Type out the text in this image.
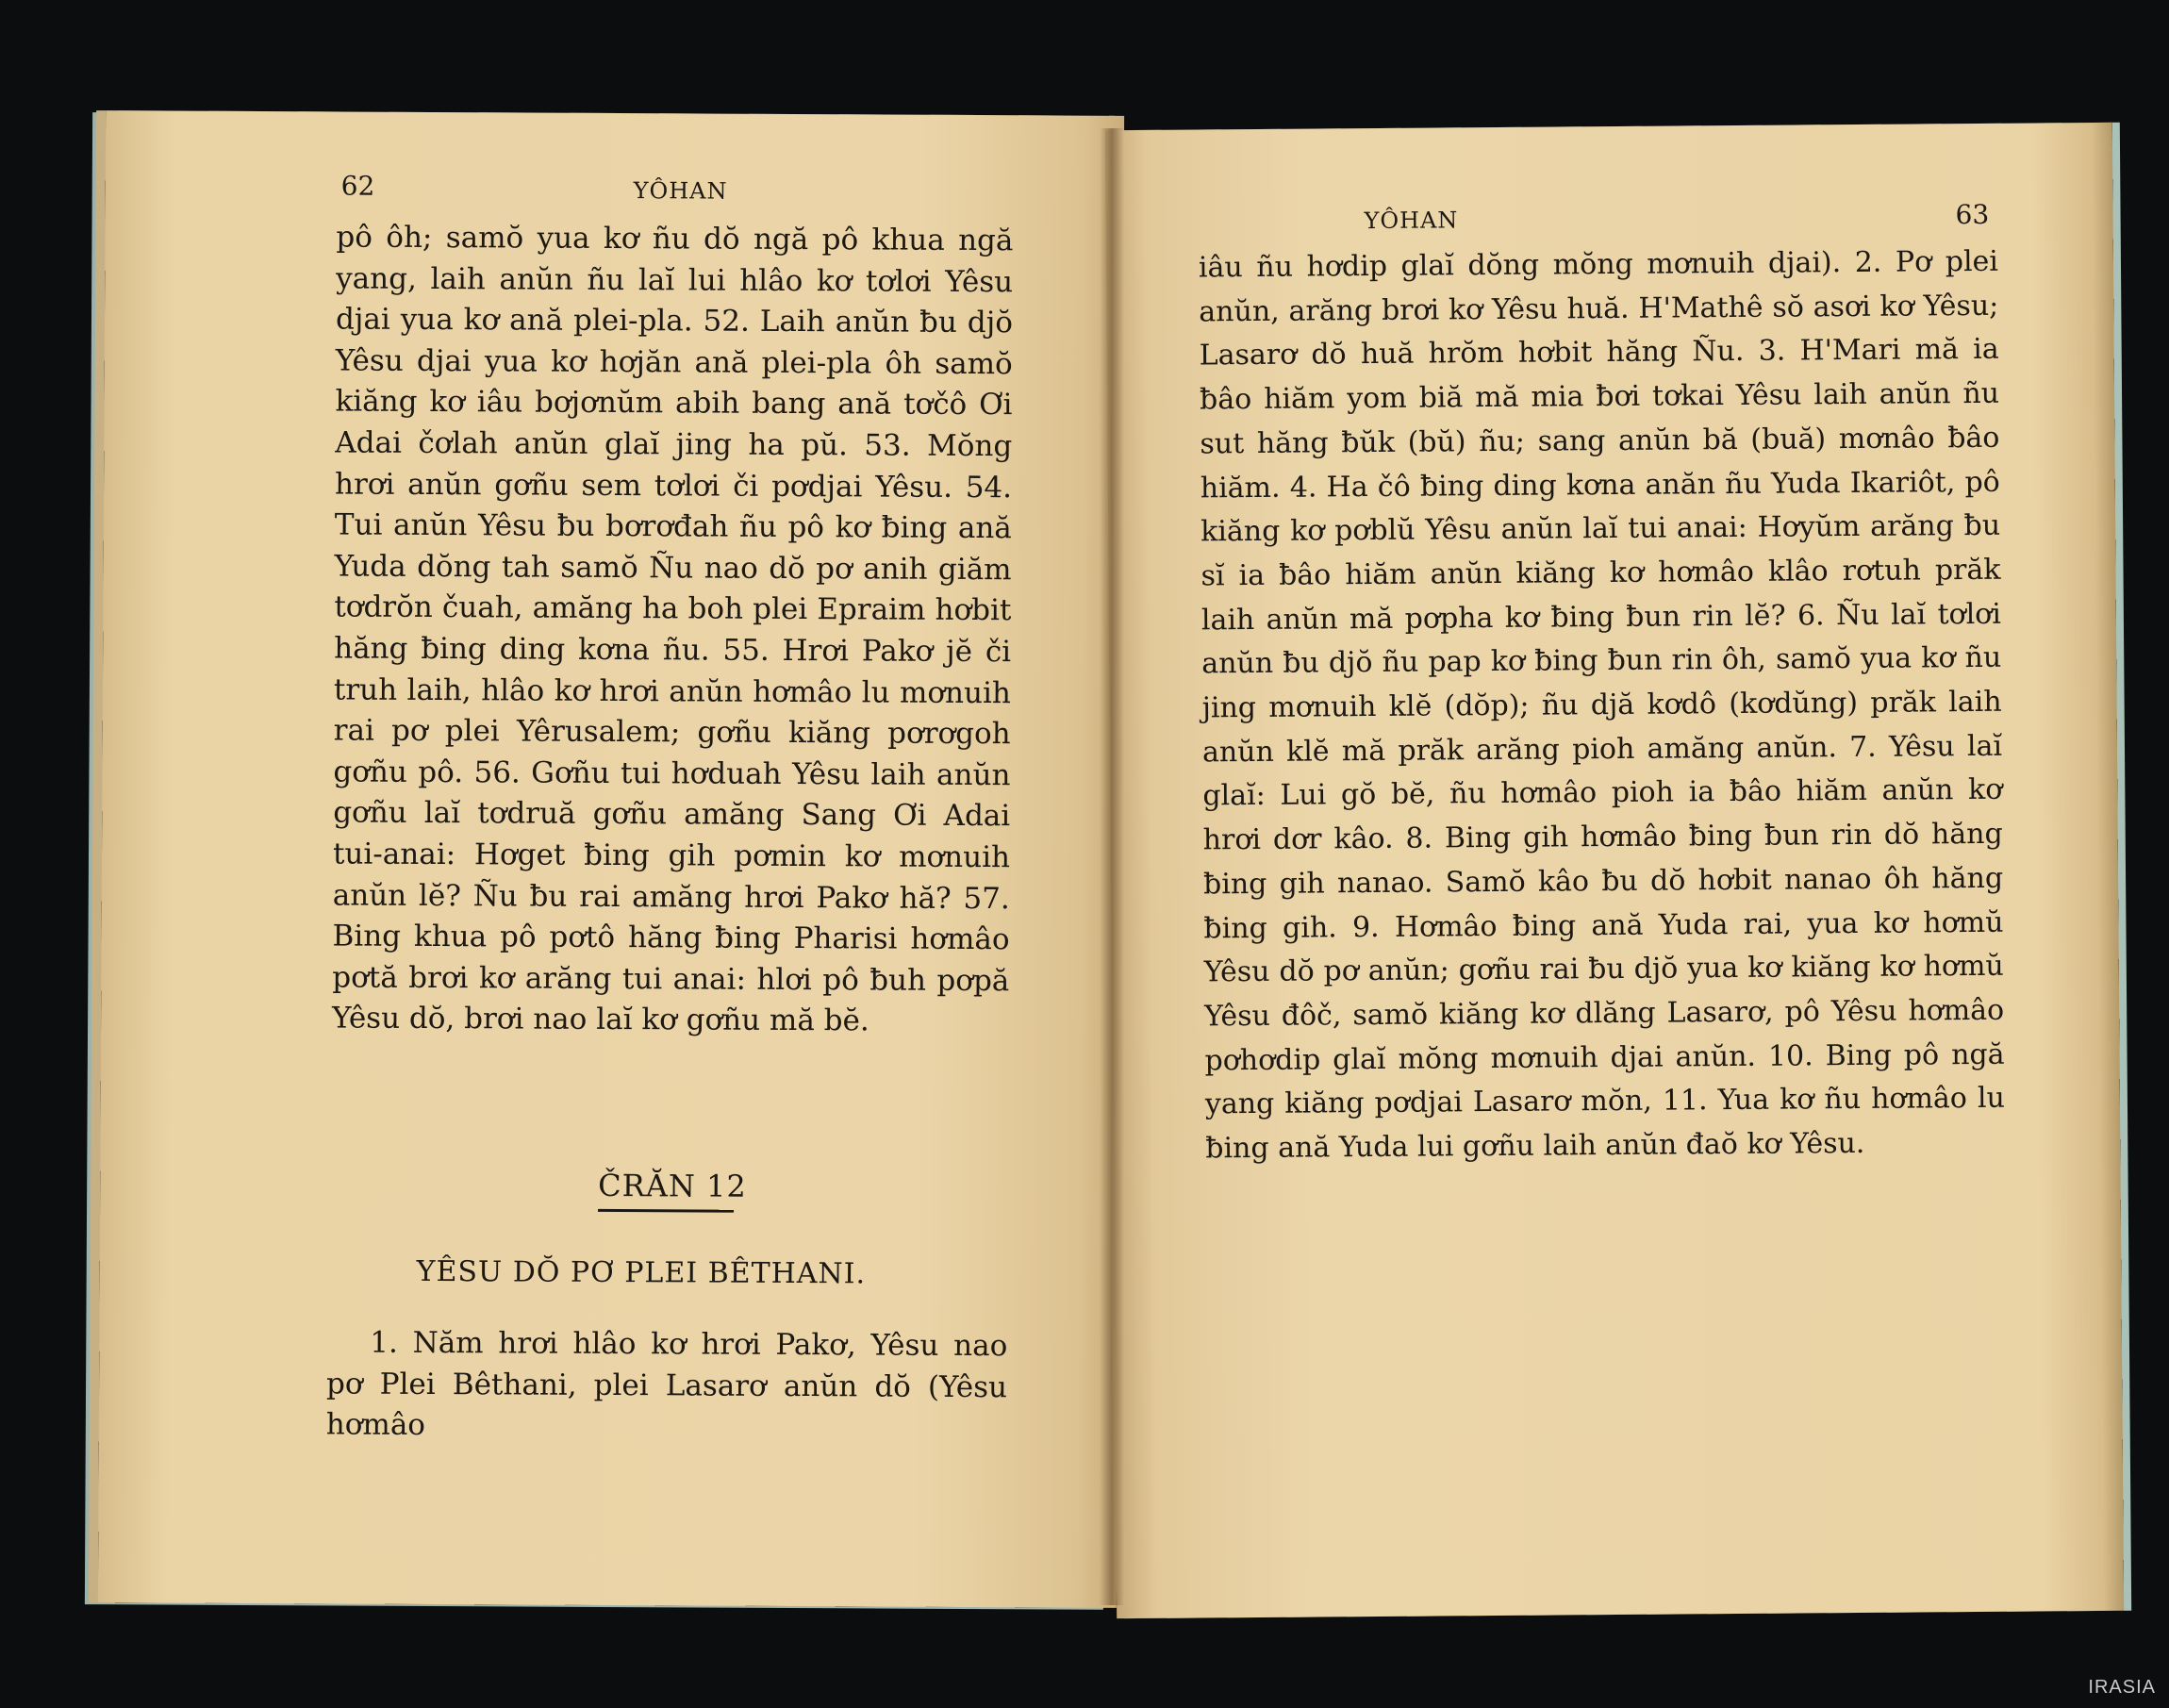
62	YÔHAN

pô ôh; samŏ yua kơ ñu dŏ ngă pô khua ngă yang, laih anŭn ñu laĭ lui hlâo kơ tơlơi Yêsu djai yua kơ ană plei-pla. 52. Laih anŭn ƀu djŏ Yêsu djai yua kơ hơjăn ană plei-pla ôh samŏ kiăng kơ iâu bơjơnŭm abih bang ană tơčô Ơi Adai čơlah anŭn glaĭ jing ha pŭ. 53. Mŏng hrơi anŭn gơñu sem tơlơi či pơdjai Yêsu. 54. Tui anŭn Yêsu ƀu bơrơđah ñu pô kơ ƀing ană Yuda dŏng tah samŏ Ñu nao dŏ pơ anih giăm tơdrŏn čuah, amăng ha boh plei Epraim hơbit hăng ƀing ding kơna ñu. 55. Hrơi Pakơ jĕ či truh laih, hlâo kơ hrơi anŭn hơmâo lu mơnuih rai pơ plei Yêrusalem; gơñu kiăng pơrơgoh gơñu pô. 56. Gơñu tui hơduah Yêsu laih anŭn gơñu laĭ tơdruă gơñu amăng Sang Ơi Adai tui-anai: Hơget ƀing gih pơmin kơ mơnuih anŭn lĕ? Ñu ƀu rai amăng hrơi Pakơ hă? 57. Bing khua pô pơtô hăng ƀing Pharisi hơmâo pơtă brơi kơ arăng tui anai: hlơi pô ƀuh pơpă Yêsu dŏ, brơi nao laĭ kơ gơñu mă bĕ.

ČRĂN 12
YÊSU DŎ PƠ PLEI BÊTHANI.

1. Năm hrơi hlâo kơ hrơi Pakơ, Yêsu nao pơ Plei Bêthani, plei Lasarơ anŭn dŏ (Yêsu hơmâo

YÔHAN	63

iâu ñu hơdip glaĭ dŏng mŏng mơnuih djai). 2. Pơ plei anŭn, arăng brơi kơ Yêsu huă. H'Mathê sŏ asơi kơ Yêsu; Lasarơ dŏ huă hrŏm hơbit hăng Ñu. 3. H'Mari mă ia ƀâo hiăm yom biă mă mia ƀơi tơkai Yêsu laih anŭn ñu sut hăng ƀŭk (bŭ) ñu; sang anŭn bă (buă) mơnâo ƀâo hiăm. 4. Ha čô ƀing ding kơna anăn ñu Yuda Ikariôt, pô kiăng kơ pơblŭ Yêsu anŭn laĭ tui anai: Hơyŭm arăng ƀu sĭ ia ƀâo hiăm anŭn kiăng kơ hơmâo klâo rơtuh prăk laih anŭn mă pơpha kơ ƀing ƀun rin lĕ? 6. Ñu laĭ tơlơi anŭn ƀu djŏ ñu pap kơ ƀing ƀun rin ôh, samŏ yua kơ ñu jing mơnuih klĕ (dŏp); ñu djă kơdô (kơdŭng) prăk laih anŭn klĕ mă prăk arăng pioh amăng anŭn. 7. Yêsu laĭ glaĭ: Lui gŏ bĕ, ñu hơmâo pioh ia ƀâo hiăm anŭn kơ hrơi dơr kâo. 8. Bing gih hơmâo ƀing ƀun rin dŏ hăng ƀing gih nanao. Samŏ kâo ƀu dŏ hơbit nanao ôh hăng ƀing gih. 9. Hơmâo ƀing ană Yuda rai, yua kơ hơmŭ Yêsu dŏ pơ anŭn; gơñu rai ƀu djŏ yua kơ kiăng kơ hơmŭ Yêsu đôč, samŏ kiăng kơ dlăng Lasarơ, pô Yêsu hơmâo pơhơdip glaĭ mŏng mơnuih djai anŭn. 10. Bing pô ngă yang kiăng pơdjai Lasarơ mŏn, 11. Yua kơ ñu hơmâo lu ƀing ană Yuda lui gơñu laih anŭn đaŏ kơ Yêsu.

IRASIA
